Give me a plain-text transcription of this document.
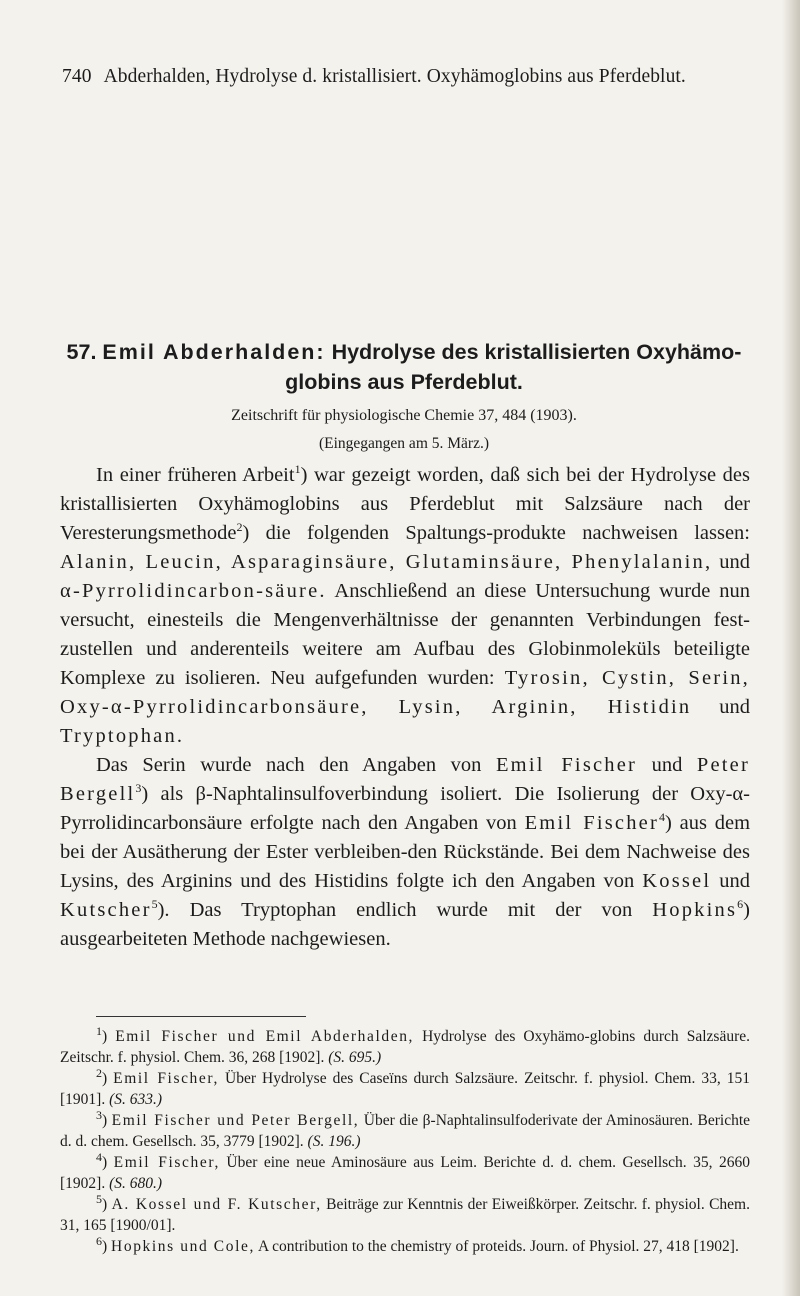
740 Abderhalden, Hydrolyse d. kristallisiert. Oxyhämoglobins aus Pferdeblut.
57. Emil Abderhalden: Hydrolyse des kristallisierten Oxyhämo-
globins aus Pferdeblut.
Zeitschrift für physiologische Chemie 37, 484 (1903).
(Eingegangen am 5. März.)

In einer früheren Arbeit$^1$) war gezeigt worden, daß sich bei der Hydrolyse des kristallisierten Oxyhämoglobins aus Pferdeblut mit Salzsäure nach der Veresterungsmethode$^2$) die folgenden Spaltungs-produkte nachweisen lassen: Alanin, Leucin, Asparaginsäure, Glutaminsäure, Phenylalanin, und α-Pyrrolidincarbon-säure. Anschließend an diese Untersuchung wurde nun versucht, einesteils die Mengenverhältnisse der genannten Verbindungen fest-zustellen und anderenteils weitere am Aufbau des Globinmoleküls beteiligte Komplexe zu isolieren. Neu aufgefunden wurden: Tyrosin, Cystin, Serin, Oxy-α-Pyrrolidincarbonsäure, Lysin, Arginin, Histidin und Tryptophan.

Das Serin wurde nach den Angaben von Emil Fischer und Peter Bergell$^3$) als β-Naphtalinsulfoverbindung isoliert. Die Isolierung der Oxy-α-Pyrrolidincarbonsäure erfolgte nach den Angaben von Emil Fischer$^4$) aus dem bei der Ausätherung der Ester verbleiben-den Rückstände. Bei dem Nachweise des Lysins, des Arginins und des Histidins folgte ich den Angaben von Kossel und Kutscher$^5$). Das Tryptophan endlich wurde mit der von Hopkins$^6$) ausgearbeiteten Methode nachgewiesen.

$^1$) Emil Fischer und Emil Abderhalden, Hydrolyse des Oxyhämo-globins durch Salzsäure. Zeitschr. f. physiol. Chem. 36, 268 [1902]. (S. 695.)

$^2$) Emil Fischer, Über Hydrolyse des Caseïns durch Salzsäure. Zeitschr. f. physiol. Chem. 33, 151 [1901]. (S. 633.)

$^3$) Emil Fischer und Peter Bergell, Über die β-Naphtalinsulfoderivate der Aminosäuren. Berichte d. d. chem. Gesellsch. 35, 3779 [1902]. (S. 196.)

$^4$) Emil Fischer, Über eine neue Aminosäure aus Leim. Berichte d. d. chem. Gesellsch. 35, 2660 [1902]. (S. 680.)

$^5$) A. Kossel und F. Kutscher, Beiträge zur Kenntnis der Eiweißkörper. Zeitschr. f. physiol. Chem. 31, 165 [1900/01].

$^6$) Hopkins und Cole, A contribution to the chemistry of proteids. Journ. of Physiol. 27, 418 [1902].
